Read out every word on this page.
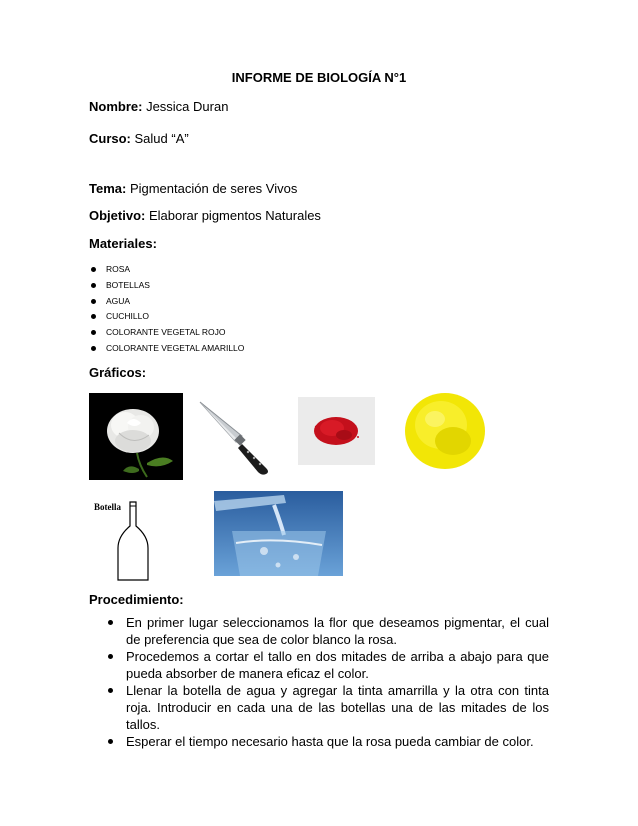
INFORME DE BIOLOGÍA N°1
Nombre: Jessica Duran
Curso: Salud “A”
Tema: Pigmentación de seres Vivos
Objetivo: Elaborar pigmentos Naturales
Materiales:
ROSA
BOTELLAS
AGUA
CUCHILLO
COLORANTE VEGETAL ROJO
COLORANTE VEGETAL AMARILLO
Gráficos:
Botella
Procedimiento:
En primer lugar seleccionamos la flor que deseamos pigmentar, el cual de preferencia que sea de color blanco la rosa.
Procedemos a cortar el tallo en dos mitades de arriba a abajo para que pueda absorber de manera eficaz el color.
Llenar la botella de agua y agregar la tinta amarrilla y la otra con tinta roja. Introducir en cada una de las botellas una de las mitades de los tallos.
Esperar el tiempo necesario hasta que la rosa pueda cambiar de color.
